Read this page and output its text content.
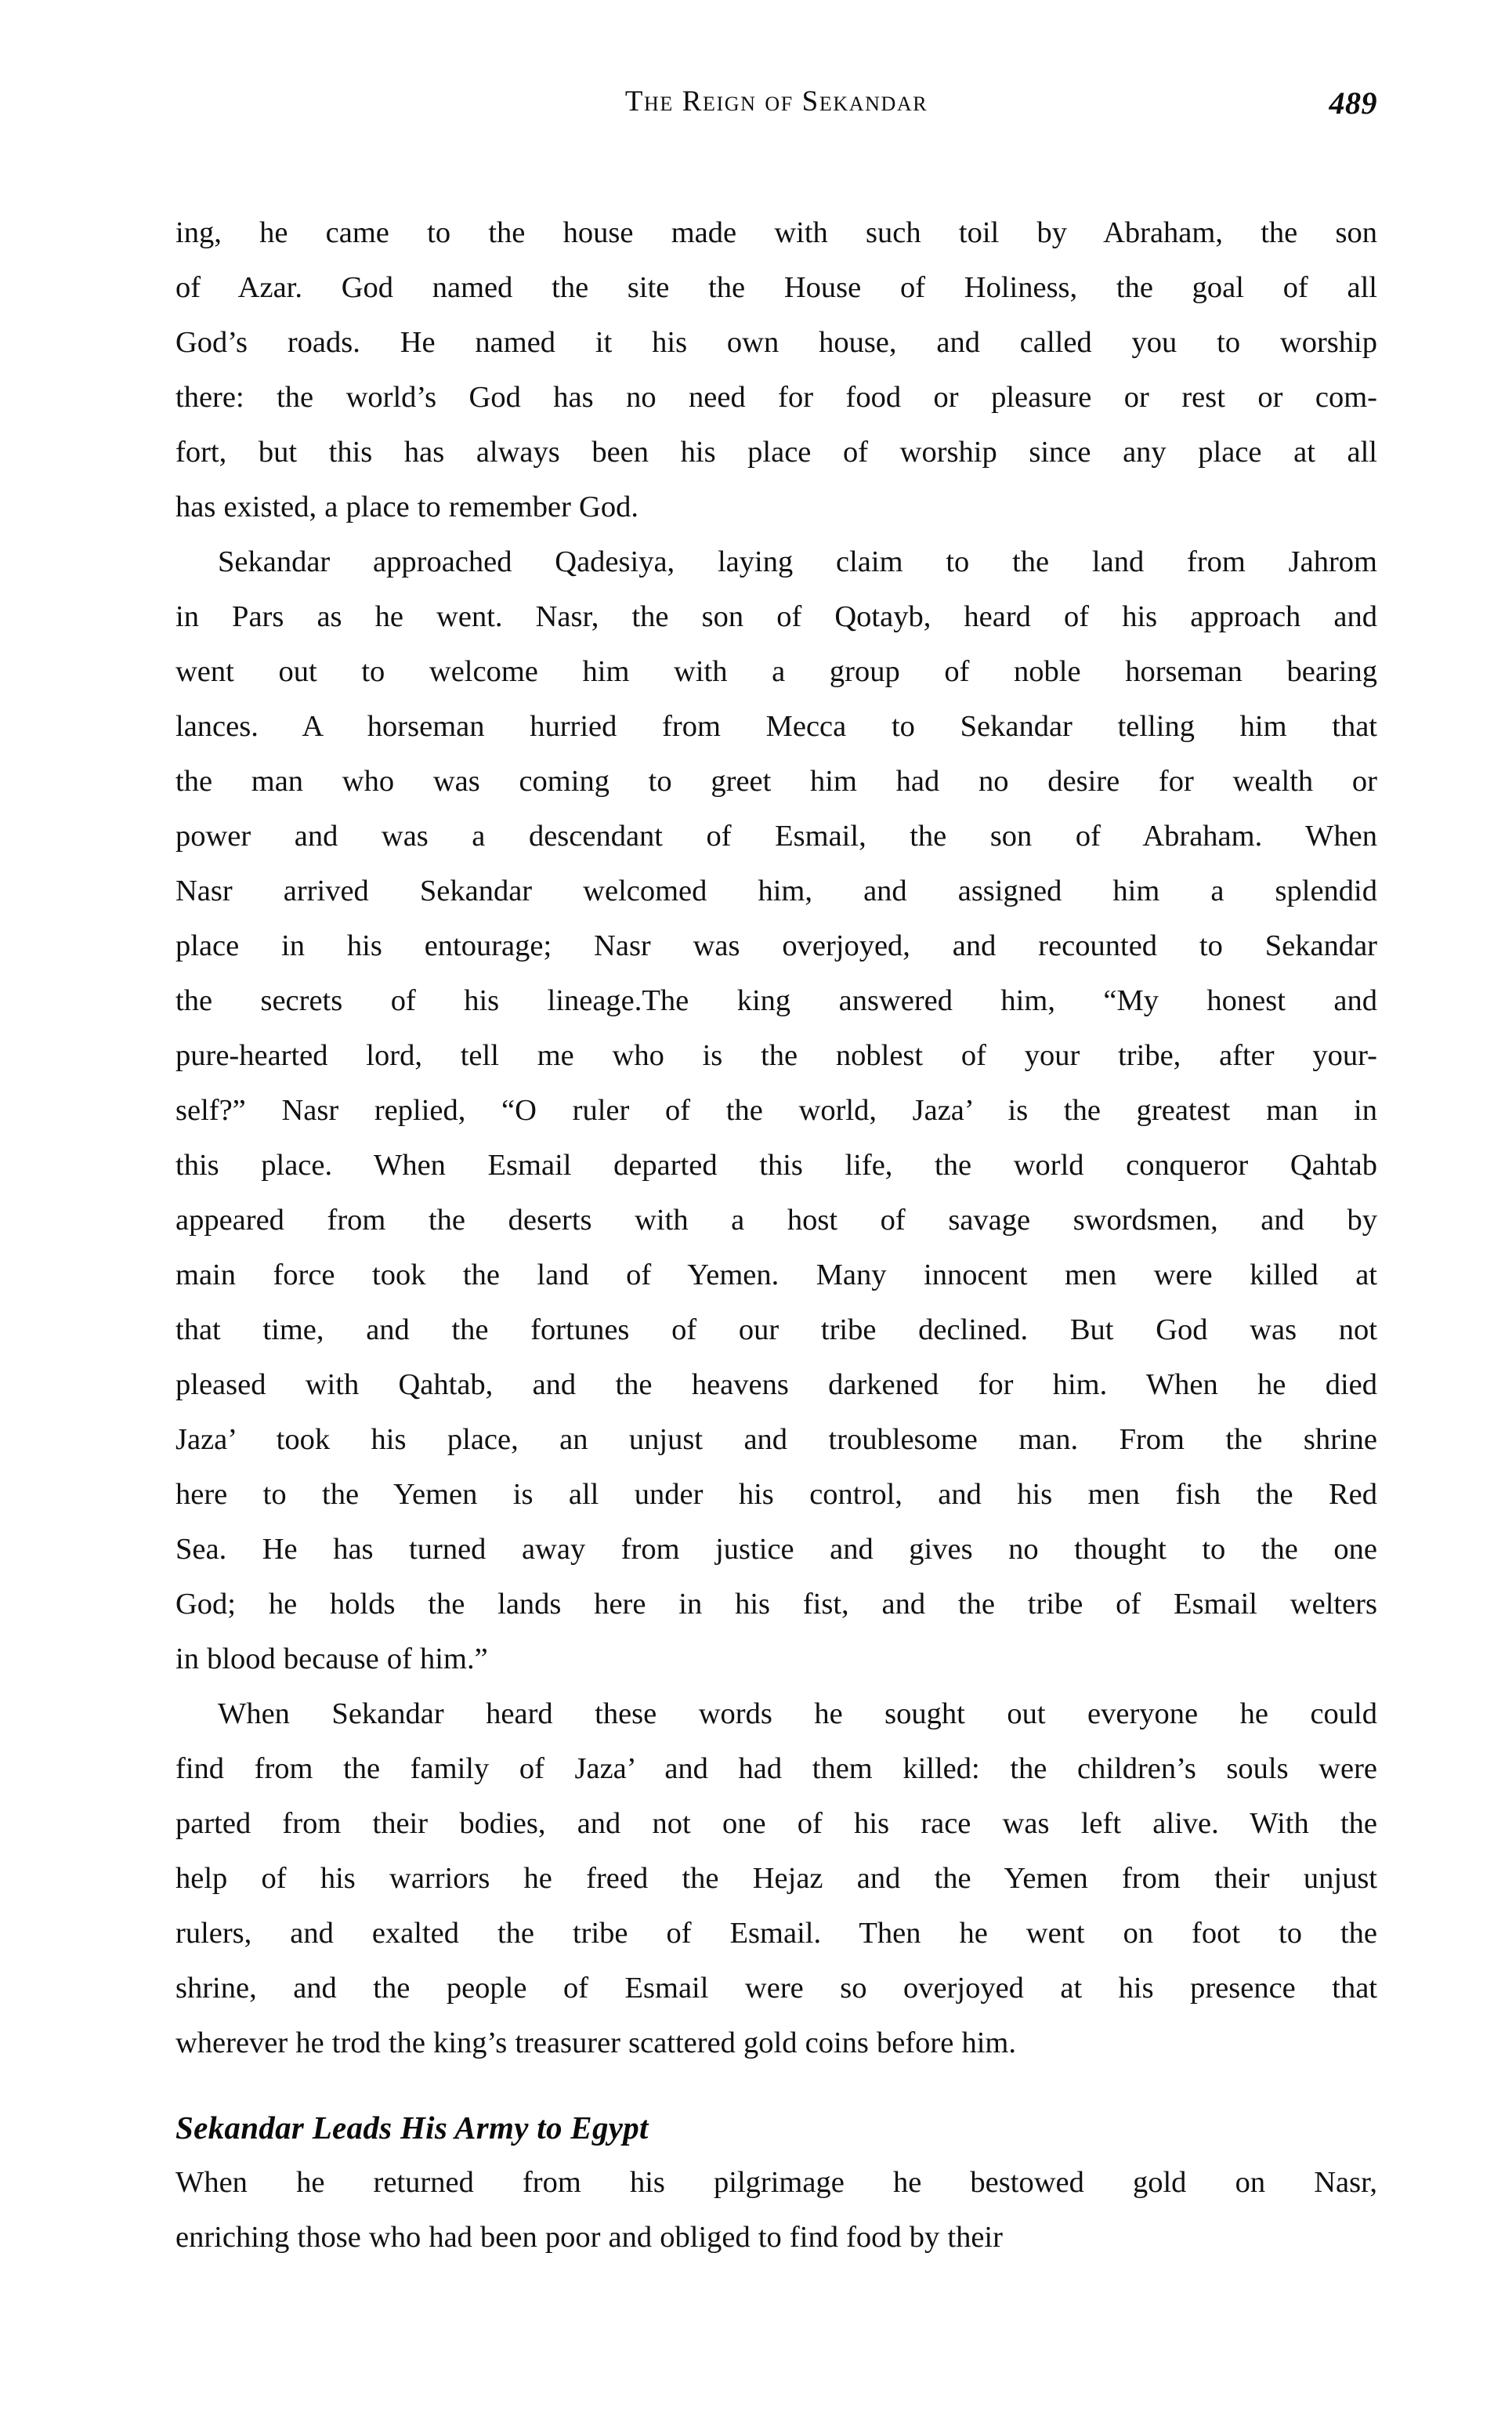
The Reign of Sekandar	489

ing, he came to the house made with such toil by Abraham, the son
of Azar. God named the site the House of Holiness, the goal of all
God’s roads. He named it his own house, and called you to worship
there: the world’s God has no need for food or pleasure or rest or com-
fort, but this has always been his place of worship since any place at all
has existed, a place to remember God.

Sekandar approached Qadesiya, laying claim to the land from Jahrom
in Pars as he went. Nasr, the son of Qotayb, heard of his approach and
went out to welcome him with a group of noble horseman bearing
lances. A horseman hurried from Mecca to Sekandar telling him that
the man who was coming to greet him had no desire for wealth or
power and was a descendant of Esmail, the son of Abraham. When
Nasr arrived Sekandar welcomed him, and assigned him a splendid
place in his entourage; Nasr was overjoyed, and recounted to Sekandar
the secrets of his lineage.The king answered him, “My honest and
pure-hearted lord, tell me who is the noblest of your tribe, after your-
self?” Nasr replied, “O ruler of the world, Jaza’ is the greatest man in
this place. When Esmail departed this life, the world conqueror Qahtab
appeared from the deserts with a host of savage swordsmen, and by
main force took the land of Yemen. Many innocent men were killed at
that time, and the fortunes of our tribe declined. But God was not
pleased with Qahtab, and the heavens darkened for him. When he died
Jaza’ took his place, an unjust and troublesome man. From the shrine
here to the Yemen is all under his control, and his men fish the Red
Sea. He has turned away from justice and gives no thought to the one
God; he holds the lands here in his fist, and the tribe of Esmail welters
in blood because of him.”

When Sekandar heard these words he sought out everyone he could
find from the family of Jaza’ and had them killed: the children’s souls were
parted from their bodies, and not one of his race was left alive. With the
help of his warriors he freed the Hejaz and the Yemen from their unjust
rulers, and exalted the tribe of Esmail. Then he went on foot to the
shrine, and the people of Esmail were so overjoyed at his presence that
wherever he trod the king’s treasurer scattered gold coins before him.

Sekandar Leads His Army to Egypt

When he returned from his pilgrimage he bestowed gold on Nasr,
enriching those who had been poor and obliged to find food by their
